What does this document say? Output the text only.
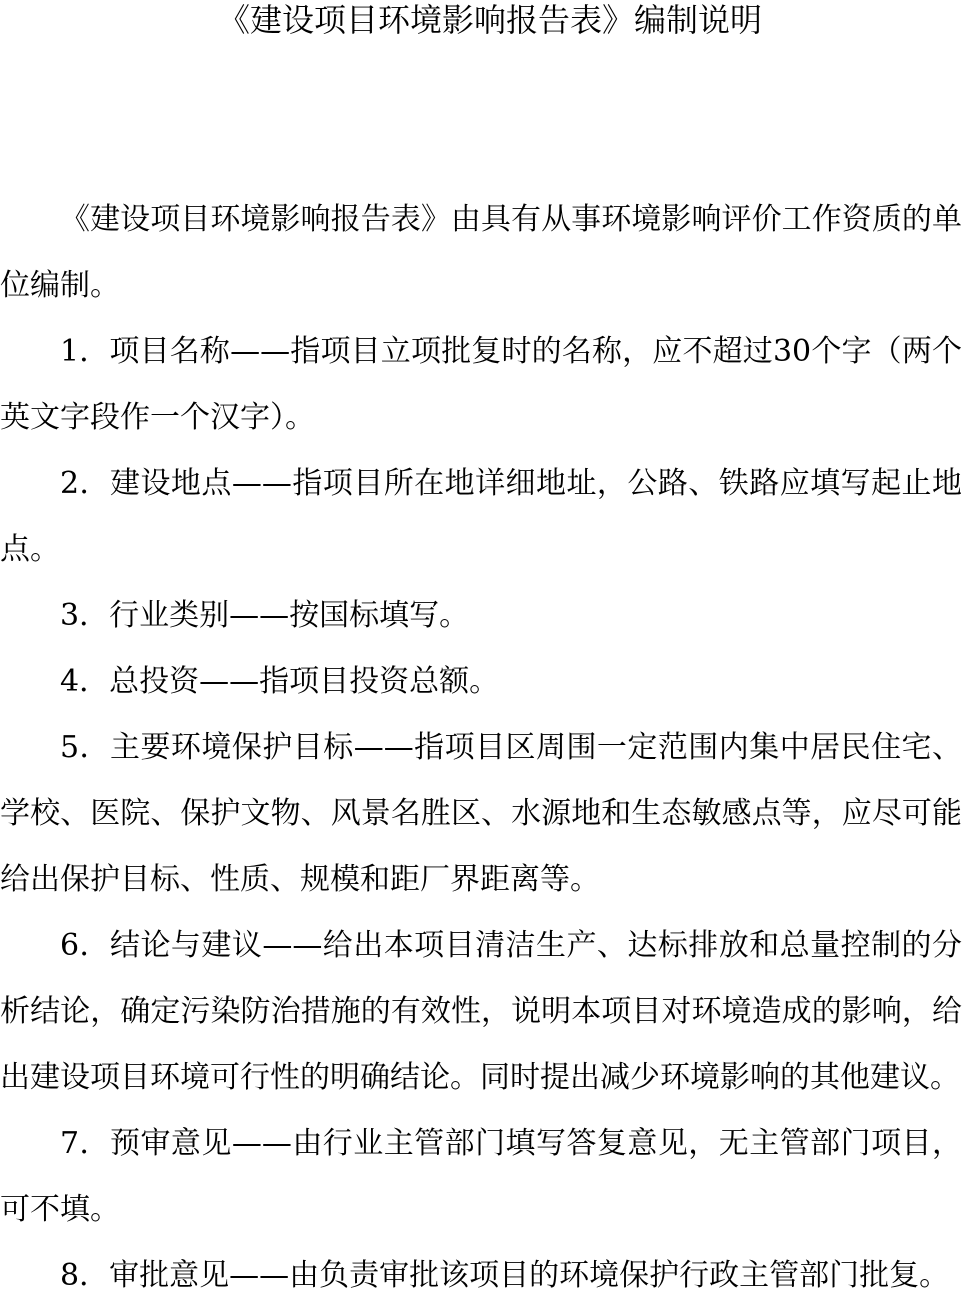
《建设项目环境影响报告表》编制说明

《建设项目环境影响报告表》由具有从事环境影响评价工作资质的单位编制。

1．项目名称——指项目立项批复时的名称，应不超过30个字（两个英文字段作一个汉字）。

2．建设地点——指项目所在地详细地址，公路、铁路应填写起止地点。

3．行业类别——按国标填写。

4．总投资——指项目投资总额。

5．主要环境保护目标——指项目区周围一定范围内集中居民住宅、学校、医院、保护文物、风景名胜区、水源地和生态敏感点等，应尽可能给出保护目标、性质、规模和距厂界距离等。

6．结论与建议——给出本项目清洁生产、达标排放和总量控制的分析结论，确定污染防治措施的有效性，说明本项目对环境造成的影响，给出建设项目环境可行性的明确结论。同时提出减少环境影响的其他建议。

7．预审意见——由行业主管部门填写答复意见，无主管部门项目，可不填。

8．审批意见——由负责审批该项目的环境保护行政主管部门批复。
